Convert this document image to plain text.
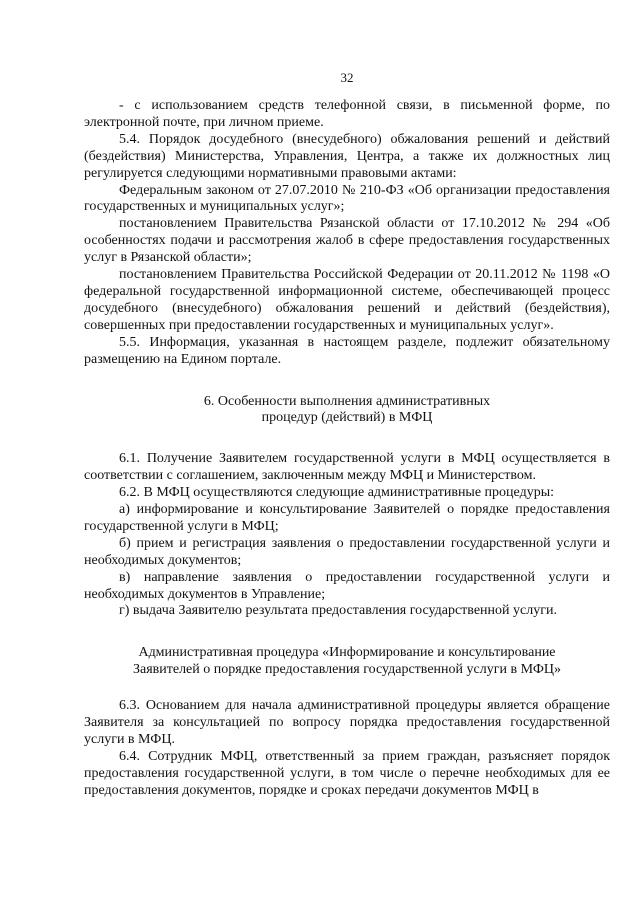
32

- с использованием средств телефонной связи, в письменной форме, по электронной почте, при личном приеме.

5.4. Порядок досудебного (внесудебного) обжалования решений и действий (бездействия) Министерства, Управления, Центра, а также их должностных лиц регулируется следующими нормативными правовыми актами:

Федеральным законом от 27.07.2010 № 210-ФЗ «Об организации предоставления государственных и муниципальных услуг»;

постановлением Правительства Рязанской области от 17.10.2012 № 294 «Об особенностях подачи и рассмотрения жалоб в сфере предоставления государственных услуг в Рязанской области»;

постановлением Правительства Российской Федерации от 20.11.2012 № 1198 «О федеральной государственной информационной системе, обеспечивающей процесс досудебного (внесудебного) обжалования решений и действий (бездействия), совершенных при предоставлении государственных и муниципальных услуг».

5.5. Информация, указанная в настоящем разделе, подлежит обязательному размещению на Едином портале.

6. Особенности выполнения административных

процедур (действий) в МФЦ

6.1. Получение Заявителем государственной услуги в МФЦ осуществляется в соответствии с соглашением, заключенным между МФЦ и Министерством.

6.2. В МФЦ осуществляются следующие административные процедуры:

а) информирование и консультирование Заявителей о порядке предоставления государственной услуги в МФЦ;

б) прием и регистрация заявления о предоставлении государственной услуги и необходимых документов;

в) направление заявления о предоставлении государственной услуги и необходимых документов в Управление;

г) выдача Заявителю результата предоставления государственной услуги.

Административная процедура «Информирование и консультирование

Заявителей о порядке предоставления государственной услуги в МФЦ»

6.3. Основанием для начала административной процедуры является обращение Заявителя за консультацией по вопросу порядка предоставления государственной услуги в МФЦ.

6.4. Сотрудник МФЦ, ответственный за прием граждан, разъясняет порядок предоставления государственной услуги, в том числе о перечне необходимых для ее предоставления документов, порядке и сроках передачи документов МФЦ в
